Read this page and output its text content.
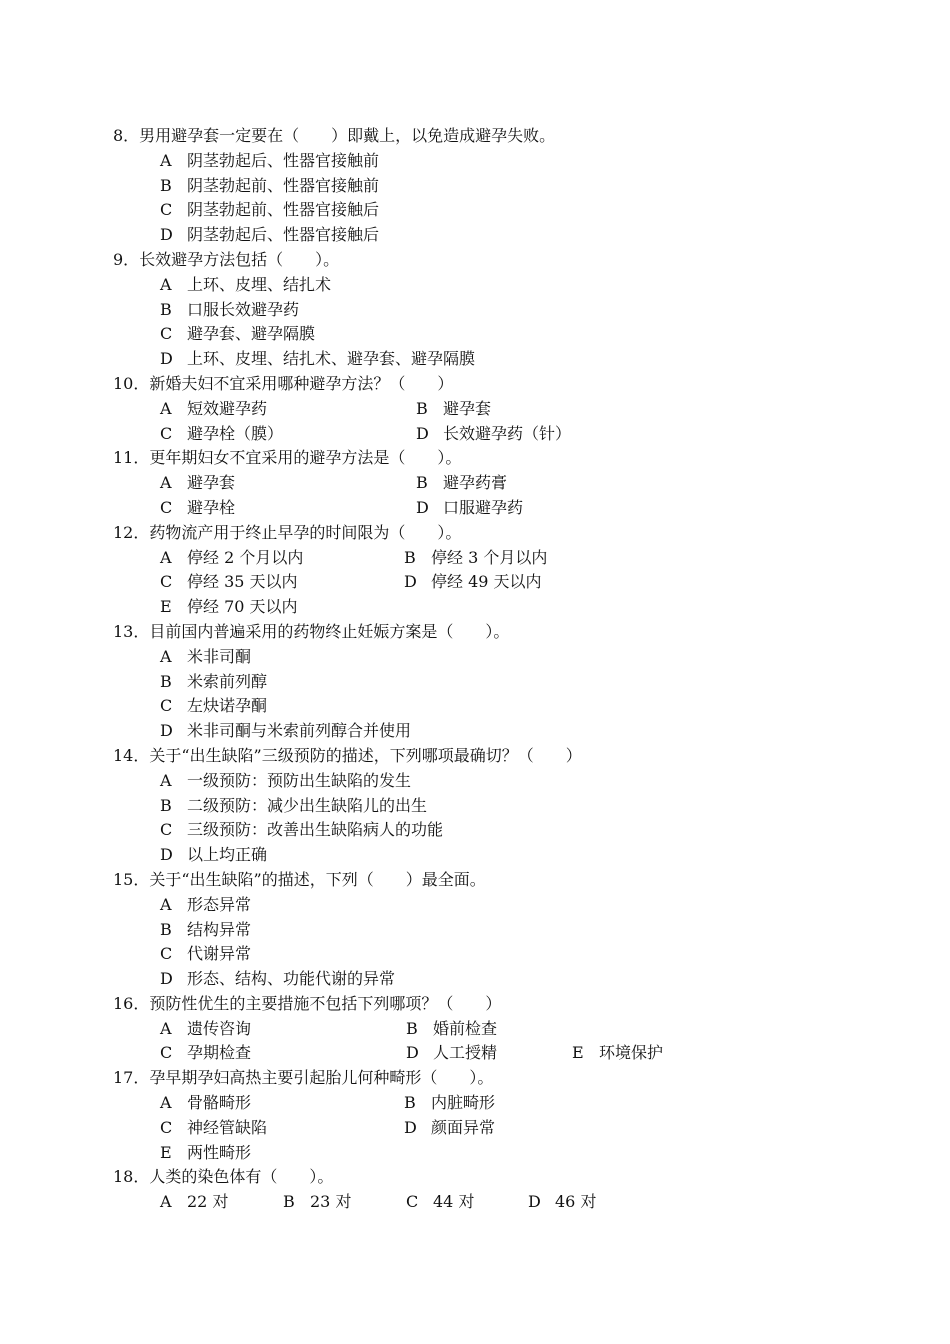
8．男用避孕套一定要在（　　）即戴上，以免造成避孕失败。
A 阴茎勃起后、性器官接触前
B 阴茎勃起前、性器官接触前
C 阴茎勃起前、性器官接触后
D 阴茎勃起后、性器官接触后
9．长效避孕方法包括（　　）。
A 上环、皮埋、结扎术
B 口服长效避孕药
C 避孕套、避孕隔膜
D 上环、皮埋、结扎术、避孕套、避孕隔膜
10．新婚夫妇不宜采用哪种避孕方法？（　　）
A 短效避孕药	B 避孕套
C 避孕栓（膜）	D 长效避孕药（针）
11．更年期妇女不宜采用的避孕方法是（　　）。
A 避孕套	B 避孕药膏
C 避孕栓	D 口服避孕药
12．药物流产用于终止早孕的时间限为（　　）。
A 停经 2 个月以内	B 停经 3 个月以内
C 停经 35 天以内	D 停经 49 天以内
E 停经 70 天以内
13．目前国内普遍采用的药物终止妊娠方案是（　　）。
A 米非司酮
B 米索前列醇
C 左炔诺孕酮
D 米非司酮与米索前列醇合并使用
14．关于“出生缺陷”三级预防的描述，下列哪项最确切？（　　）
A 一级预防：预防出生缺陷的发生
B 二级预防：减少出生缺陷儿的出生
C 三级预防：改善出生缺陷病人的功能
D 以上均正确
15．关于“出生缺陷”的描述，下列（　　）最全面。
A 形态异常
B 结构异常
C 代谢异常
D 形态、结构、功能代谢的异常
16．预防性优生的主要措施不包括下列哪项？（　　）
A 遗传咨询	B 婚前检查
C 孕期检查	D 人工授精	E 环境保护
17．孕早期孕妇高热主要引起胎儿何种畸形（　　）。
A 骨骼畸形	B 内脏畸形
C 神经管缺陷	D 颜面异常
E 两性畸形
18．人类的染色体有（　　）。
A 22 对	B 23 对	C 44 对	D 46 对
